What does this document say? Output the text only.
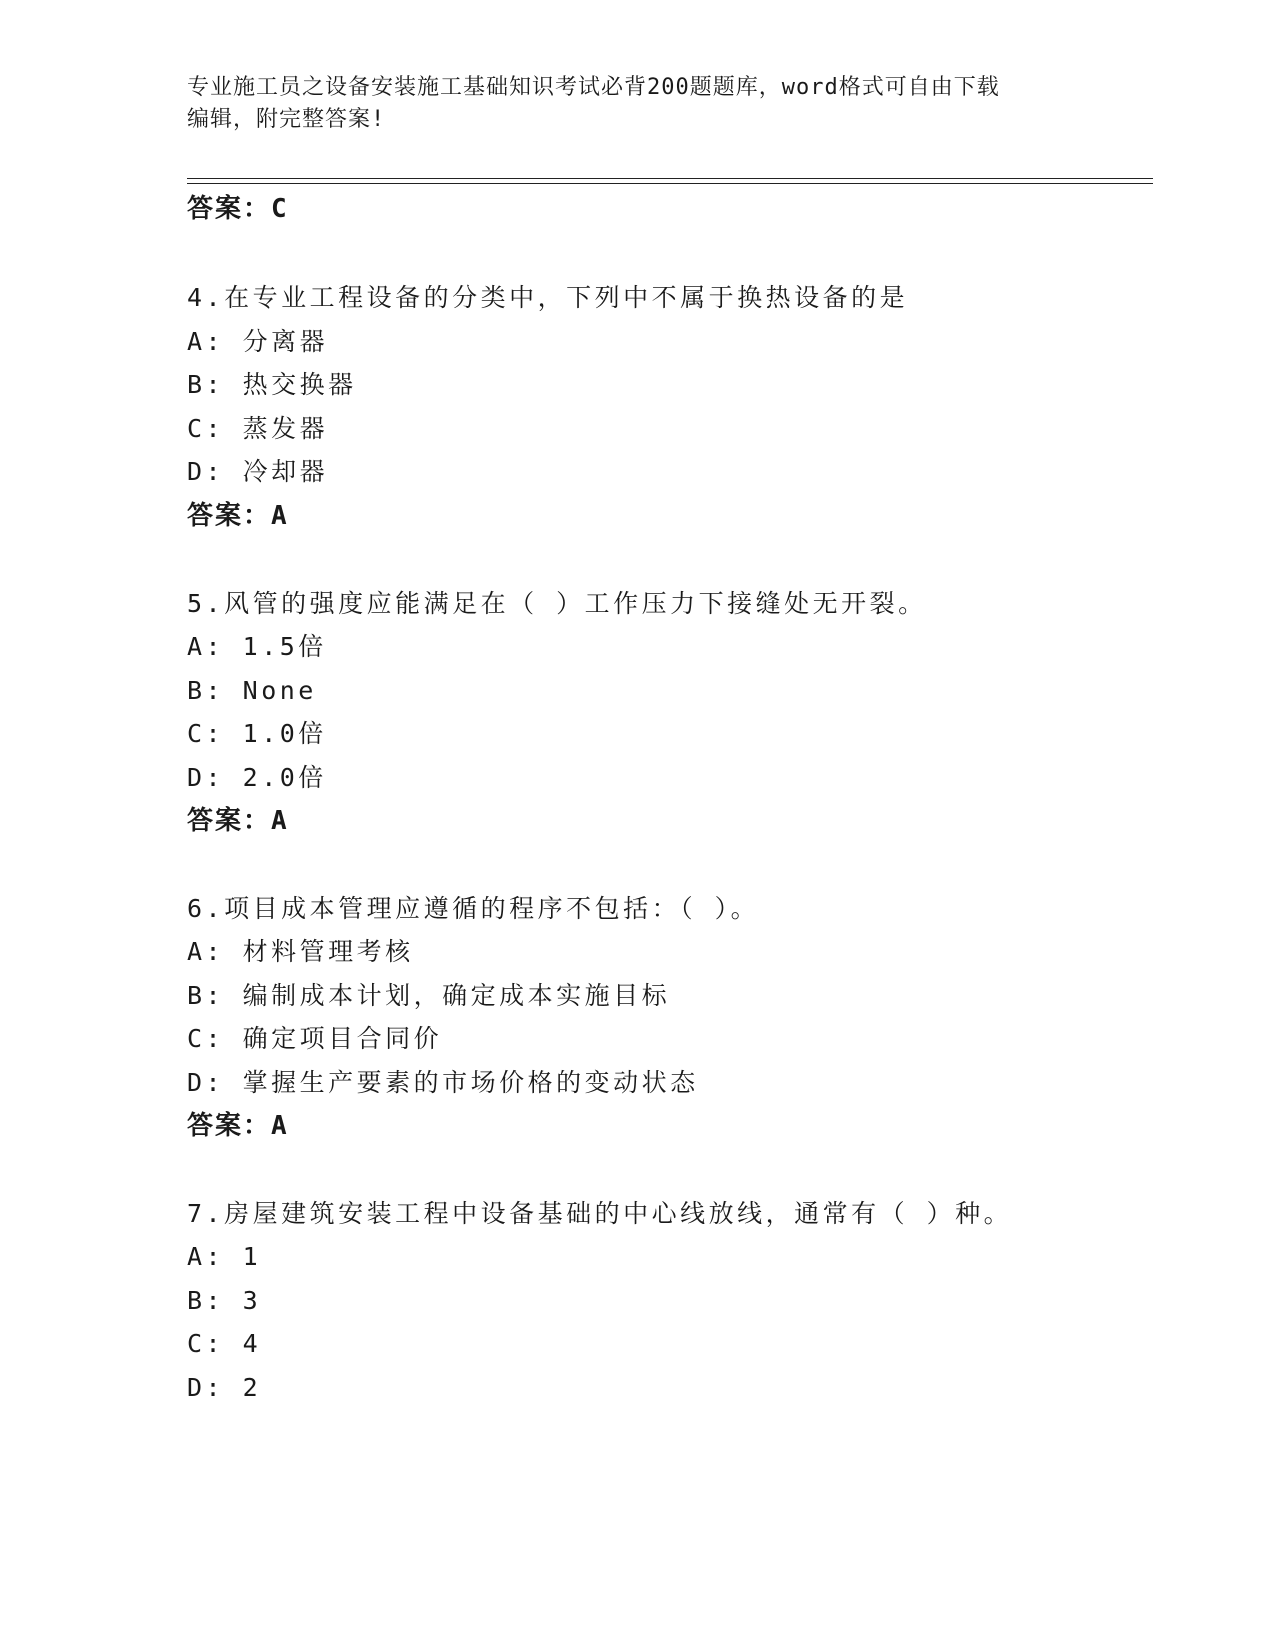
专业施工员之设备安装施工基础知识考试必背200题题库，word格式可自由下载
编辑，附完整答案!

答案：C

4.在专业工程设备的分类中，下列中不属于换热设备的是

A: 分离器

B: 热交换器

C: 蒸发器

D: 冷却器

答案：A

5.风管的强度应能满足在（ ）工作压力下接缝处无开裂。

A: 1.5倍

B: None

C: 1.0倍

D: 2.0倍

答案：A

6.项目成本管理应遵循的程序不包括：（ ）。

A: 材料管理考核

B: 编制成本计划，确定成本实施目标

C: 确定项目合同价

D: 掌握生产要素的市场价格的变动状态

答案：A

7.房屋建筑安装工程中设备基础的中心线放线，通常有（ ）种。

A: 1

B: 3

C: 4

D: 2
